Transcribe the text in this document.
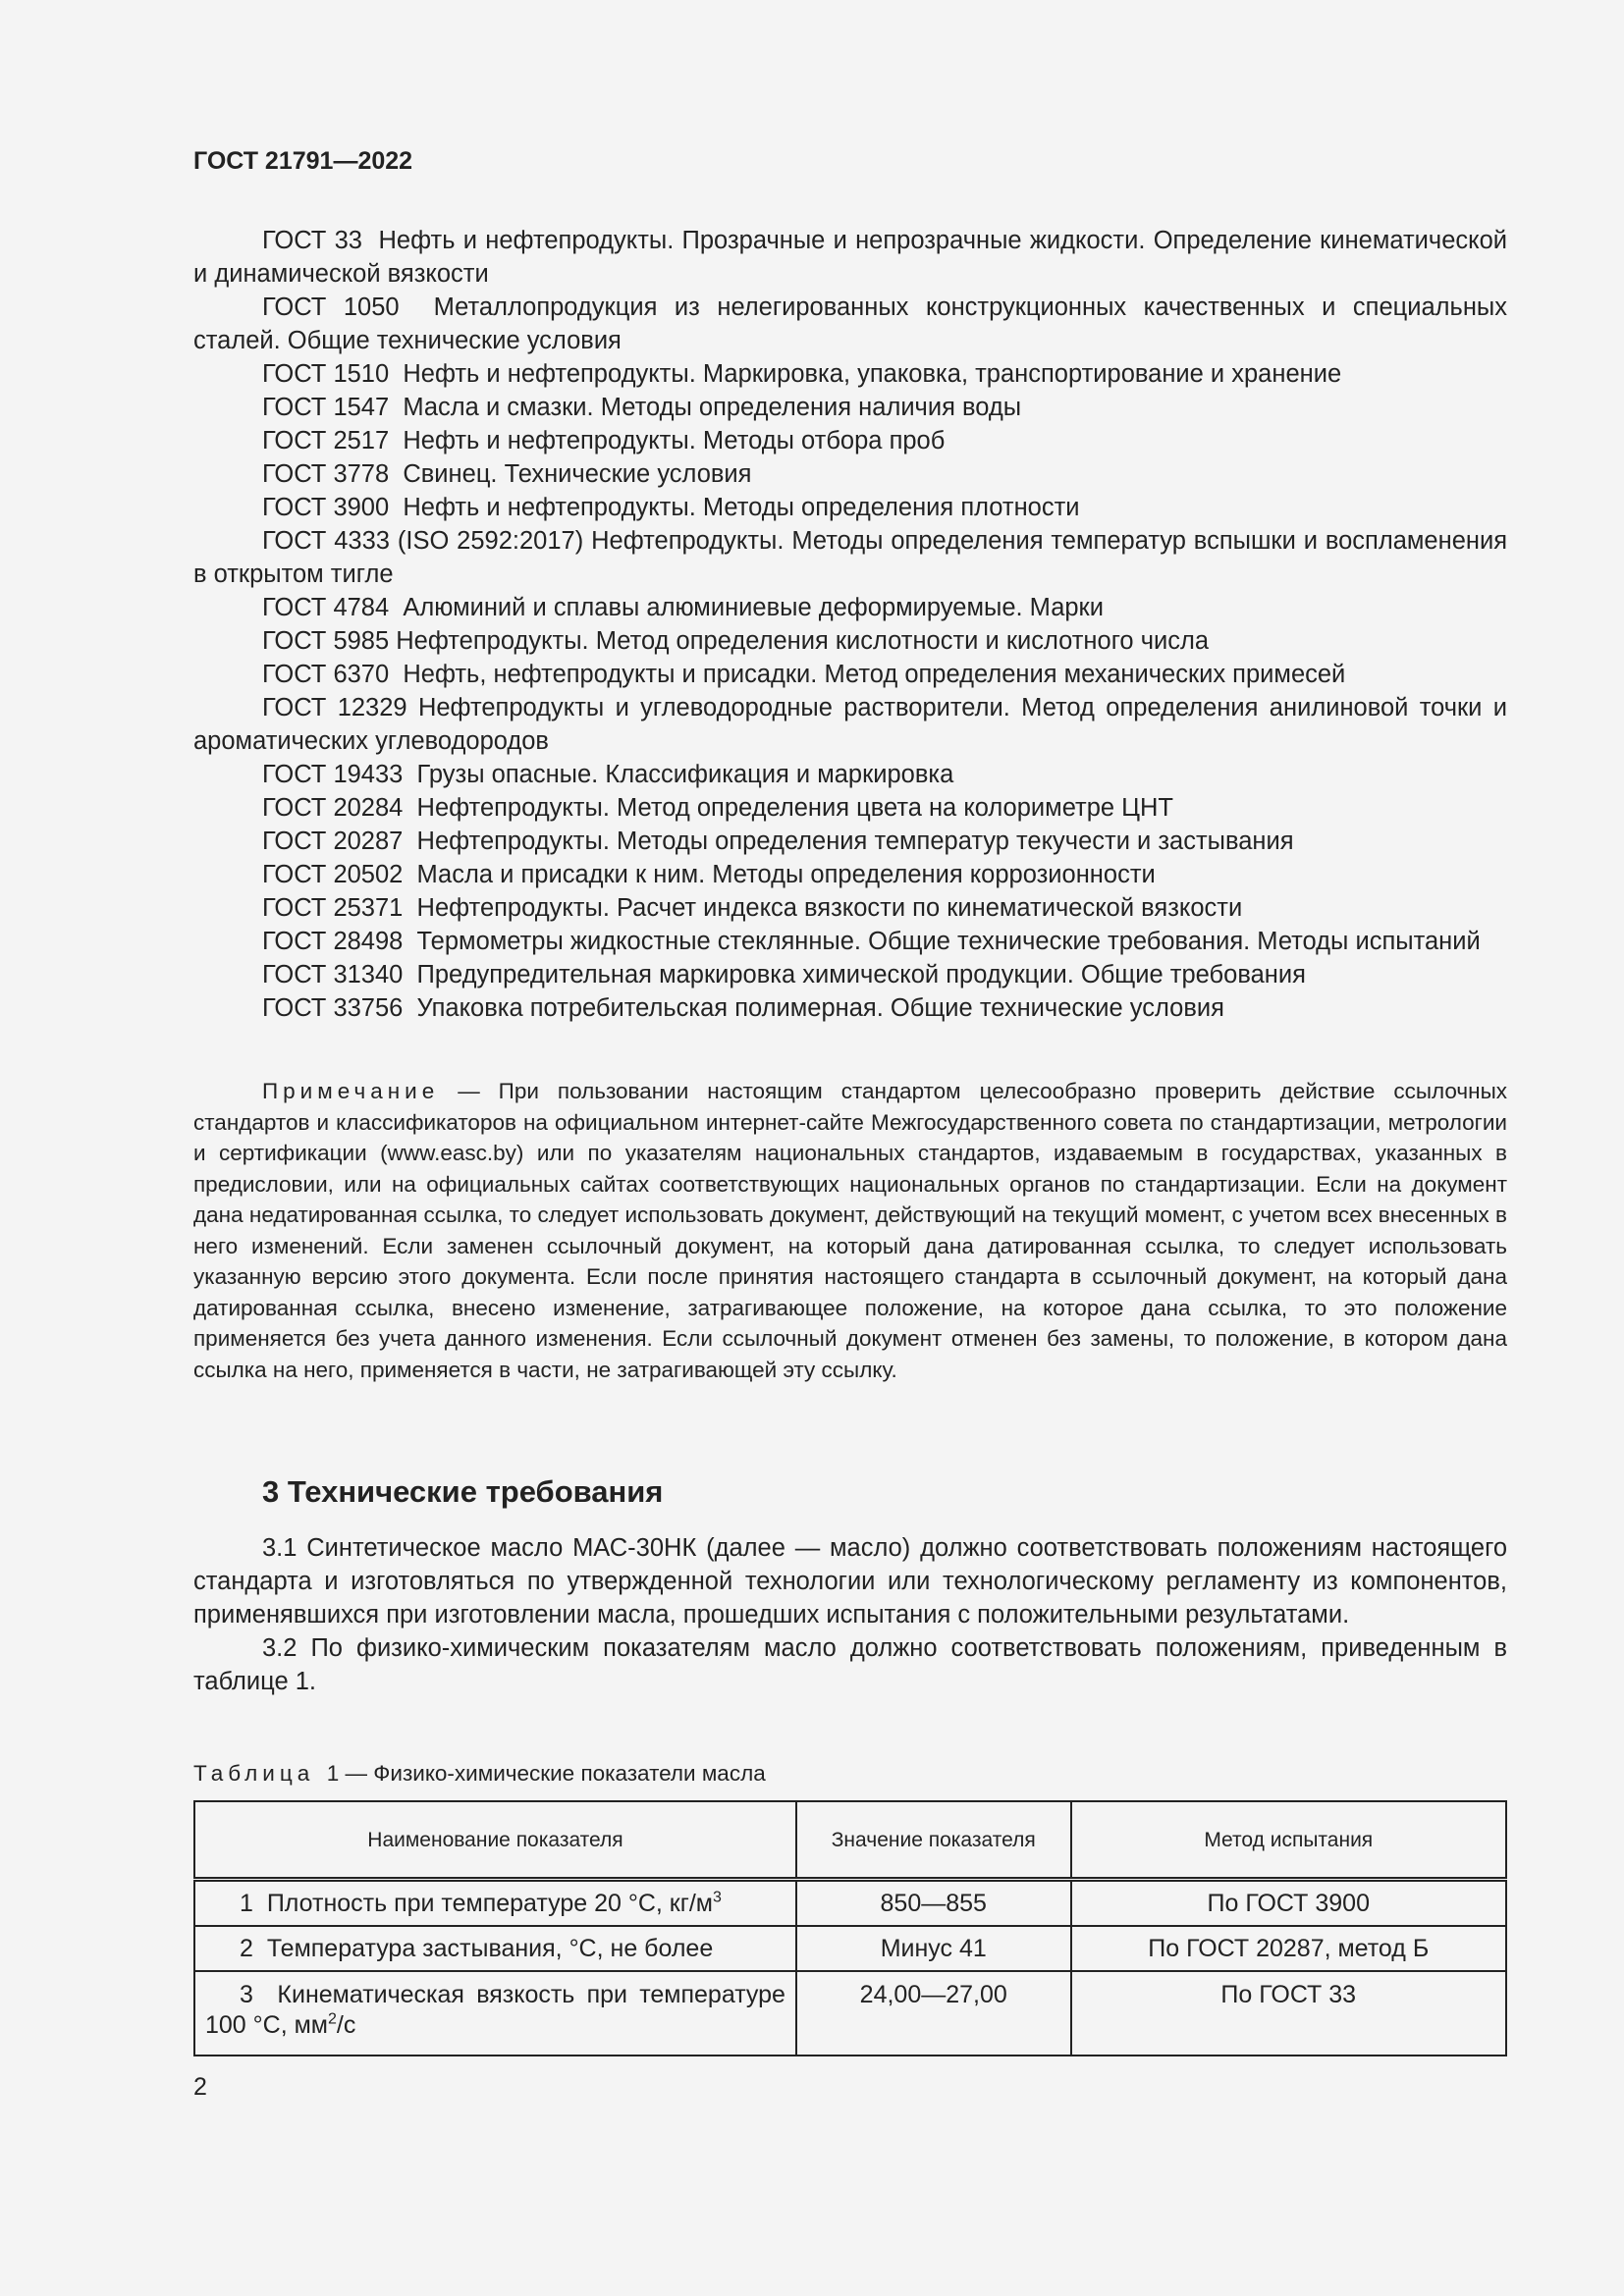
ГОСТ 21791—2022

ГОСТ 33 Нефть и нефтепродукты. Прозрачные и непрозрачные жидкости. Определение кинематической и динамической вязкости

ГОСТ 1050 Металлопродукция из нелегированных конструкционных качественных и специальных сталей. Общие технические условия

ГОСТ 1510 Нефть и нефтепродукты. Маркировка, упаковка, транспортирование и хранение

ГОСТ 1547 Масла и смазки. Методы определения наличия воды

ГОСТ 2517 Нефть и нефтепродукты. Методы отбора проб

ГОСТ 3778 Свинец. Технические условия

ГОСТ 3900 Нефть и нефтепродукты. Методы определения плотности

ГОСТ 4333 (ISO 2592:2017) Нефтепродукты. Методы определения температур вспышки и воспламенения в открытом тигле

ГОСТ 4784 Алюминий и сплавы алюминиевые деформируемые. Марки

ГОСТ 5985 Нефтепродукты. Метод определения кислотности и кислотного числа

ГОСТ 6370 Нефть, нефтепродукты и присадки. Метод определения механических примесей

ГОСТ 12329 Нефтепродукты и углеводородные растворители. Метод определения анилиновой точки и ароматических углеводородов

ГОСТ 19433 Грузы опасные. Классификация и маркировка

ГОСТ 20284 Нефтепродукты. Метод определения цвета на колориметре ЦНТ

ГОСТ 20287 Нефтепродукты. Методы определения температур текучести и застывания

ГОСТ 20502 Масла и присадки к ним. Методы определения коррозионности

ГОСТ 25371 Нефтепродукты. Расчет индекса вязкости по кинематической вязкости

ГОСТ 28498 Термометры жидкостные стеклянные. Общие технические требования. Методы испытаний

ГОСТ 31340 Предупредительная маркировка химической продукции. Общие требования

ГОСТ 33756 Упаковка потребительская полимерная. Общие технические условия

Примечание — При пользовании настоящим стандартом целесообразно проверить действие ссылочных стандартов и классификаторов на официальном интернет-сайте Межгосударственного совета по стандартизации, метрологии и сертификации (www.easc.by) или по указателям национальных стандартов, издаваемым в государствах, указанных в предисловии, или на официальных сайтах соответствующих национальных органов по стандартизации. Если на документ дана недатированная ссылка, то следует использовать документ, действующий на текущий момент, с учетом всех внесенных в него изменений. Если заменен ссылочный документ, на который дана датированная ссылка, то следует использовать указанную версию этого документа. Если после принятия настоящего стандарта в ссылочный документ, на который дана датированная ссылка, внесено изменение, затрагивающее положение, на которое дана ссылка, то это положение применяется без учета данного изменения. Если ссылочный документ отменен без замены, то положение, в котором дана ссылка на него, применяется в части, не затрагивающей эту ссылку.

3 Технические требования

3.1 Синтетическое масло МАС-30НК (далее — масло) должно соответствовать положениям настоящего стандарта и изготовляться по утвержденной технологии или технологическому регламенту из компонентов, применявшихся при изготовлении масла, прошедших испытания с положительными результатами.

3.2 По физико-химическим показателям масло должно соответствовать положениям, приведенным в таблице 1.

Таблица 1 — Физико-химические показатели масла
Наименование показателя	Значение показателя	Метод испытания
1 Плотность при температуре 20 °С, $кг/м^3$	850—855	По ГОСТ 3900
2 Температура застывания, °С, не более	Минус 41	По ГОСТ 20287, метод Б
3 Кинематическая вязкость при температуре 100 °С, $мм^2/с$	24,00—27,00	По ГОСТ 33
2
